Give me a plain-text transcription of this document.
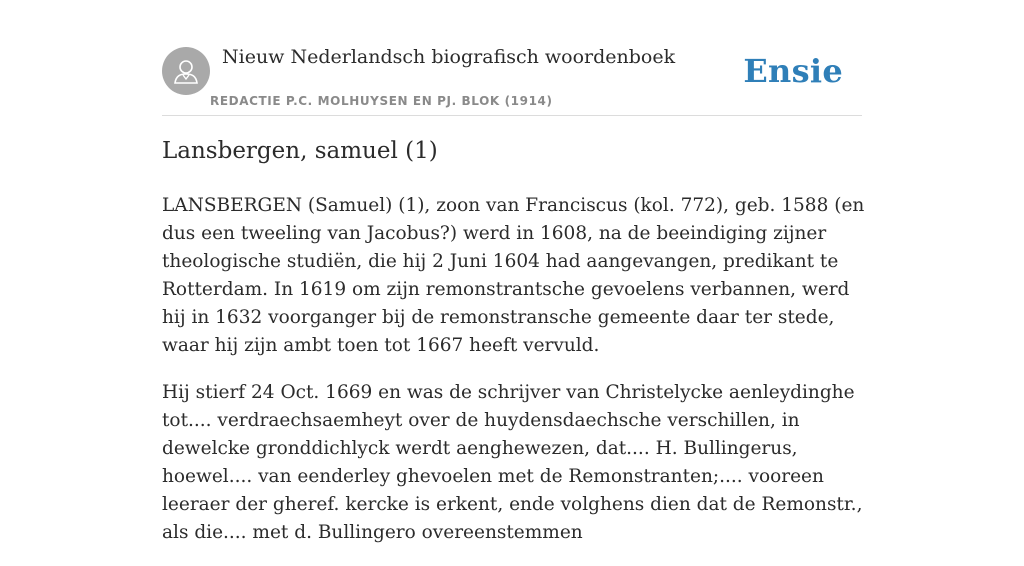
Nieuw Nederlandsch biografisch woordenboek
REDACTIE P.C. MOLHUYSEN EN PJ. BLOK (1914)
Ensie
Lansbergen, samuel (1)

LANSBERGEN (Samuel) (1), zoon van Franciscus (kol. 772), geb. 1588 (en dus een tweeling van Jacobus?) werd in 1608, na de beeindiging zijner theologische studiën, die hij 2 Juni 1604 had aangevangen, predikant te Rotterdam. In 1619 om zijn remonstrantsche gevoelens verbannen, werd hij in 1632 voorganger bij de remonstransche gemeente daar ter stede, waar hij zijn ambt toen tot 1667 heeft vervuld.

Hij stierf 24 Oct. 1669 en was de schrijver van Christelycke aenleydinghe tot.... verdraechsaemheyt over de huydensdaechsche verschillen, in dewelcke gronddichlyck werdt aenghewezen, dat.... H. Bullingerus, hoewel.... van eenderley ghevoelen met de Remonstranten;.... vooreen leeraer der gheref. kercke is erkent, ende volghens dien dat de Remonstr., als die.... met d. Bullingero overeenstemmen
